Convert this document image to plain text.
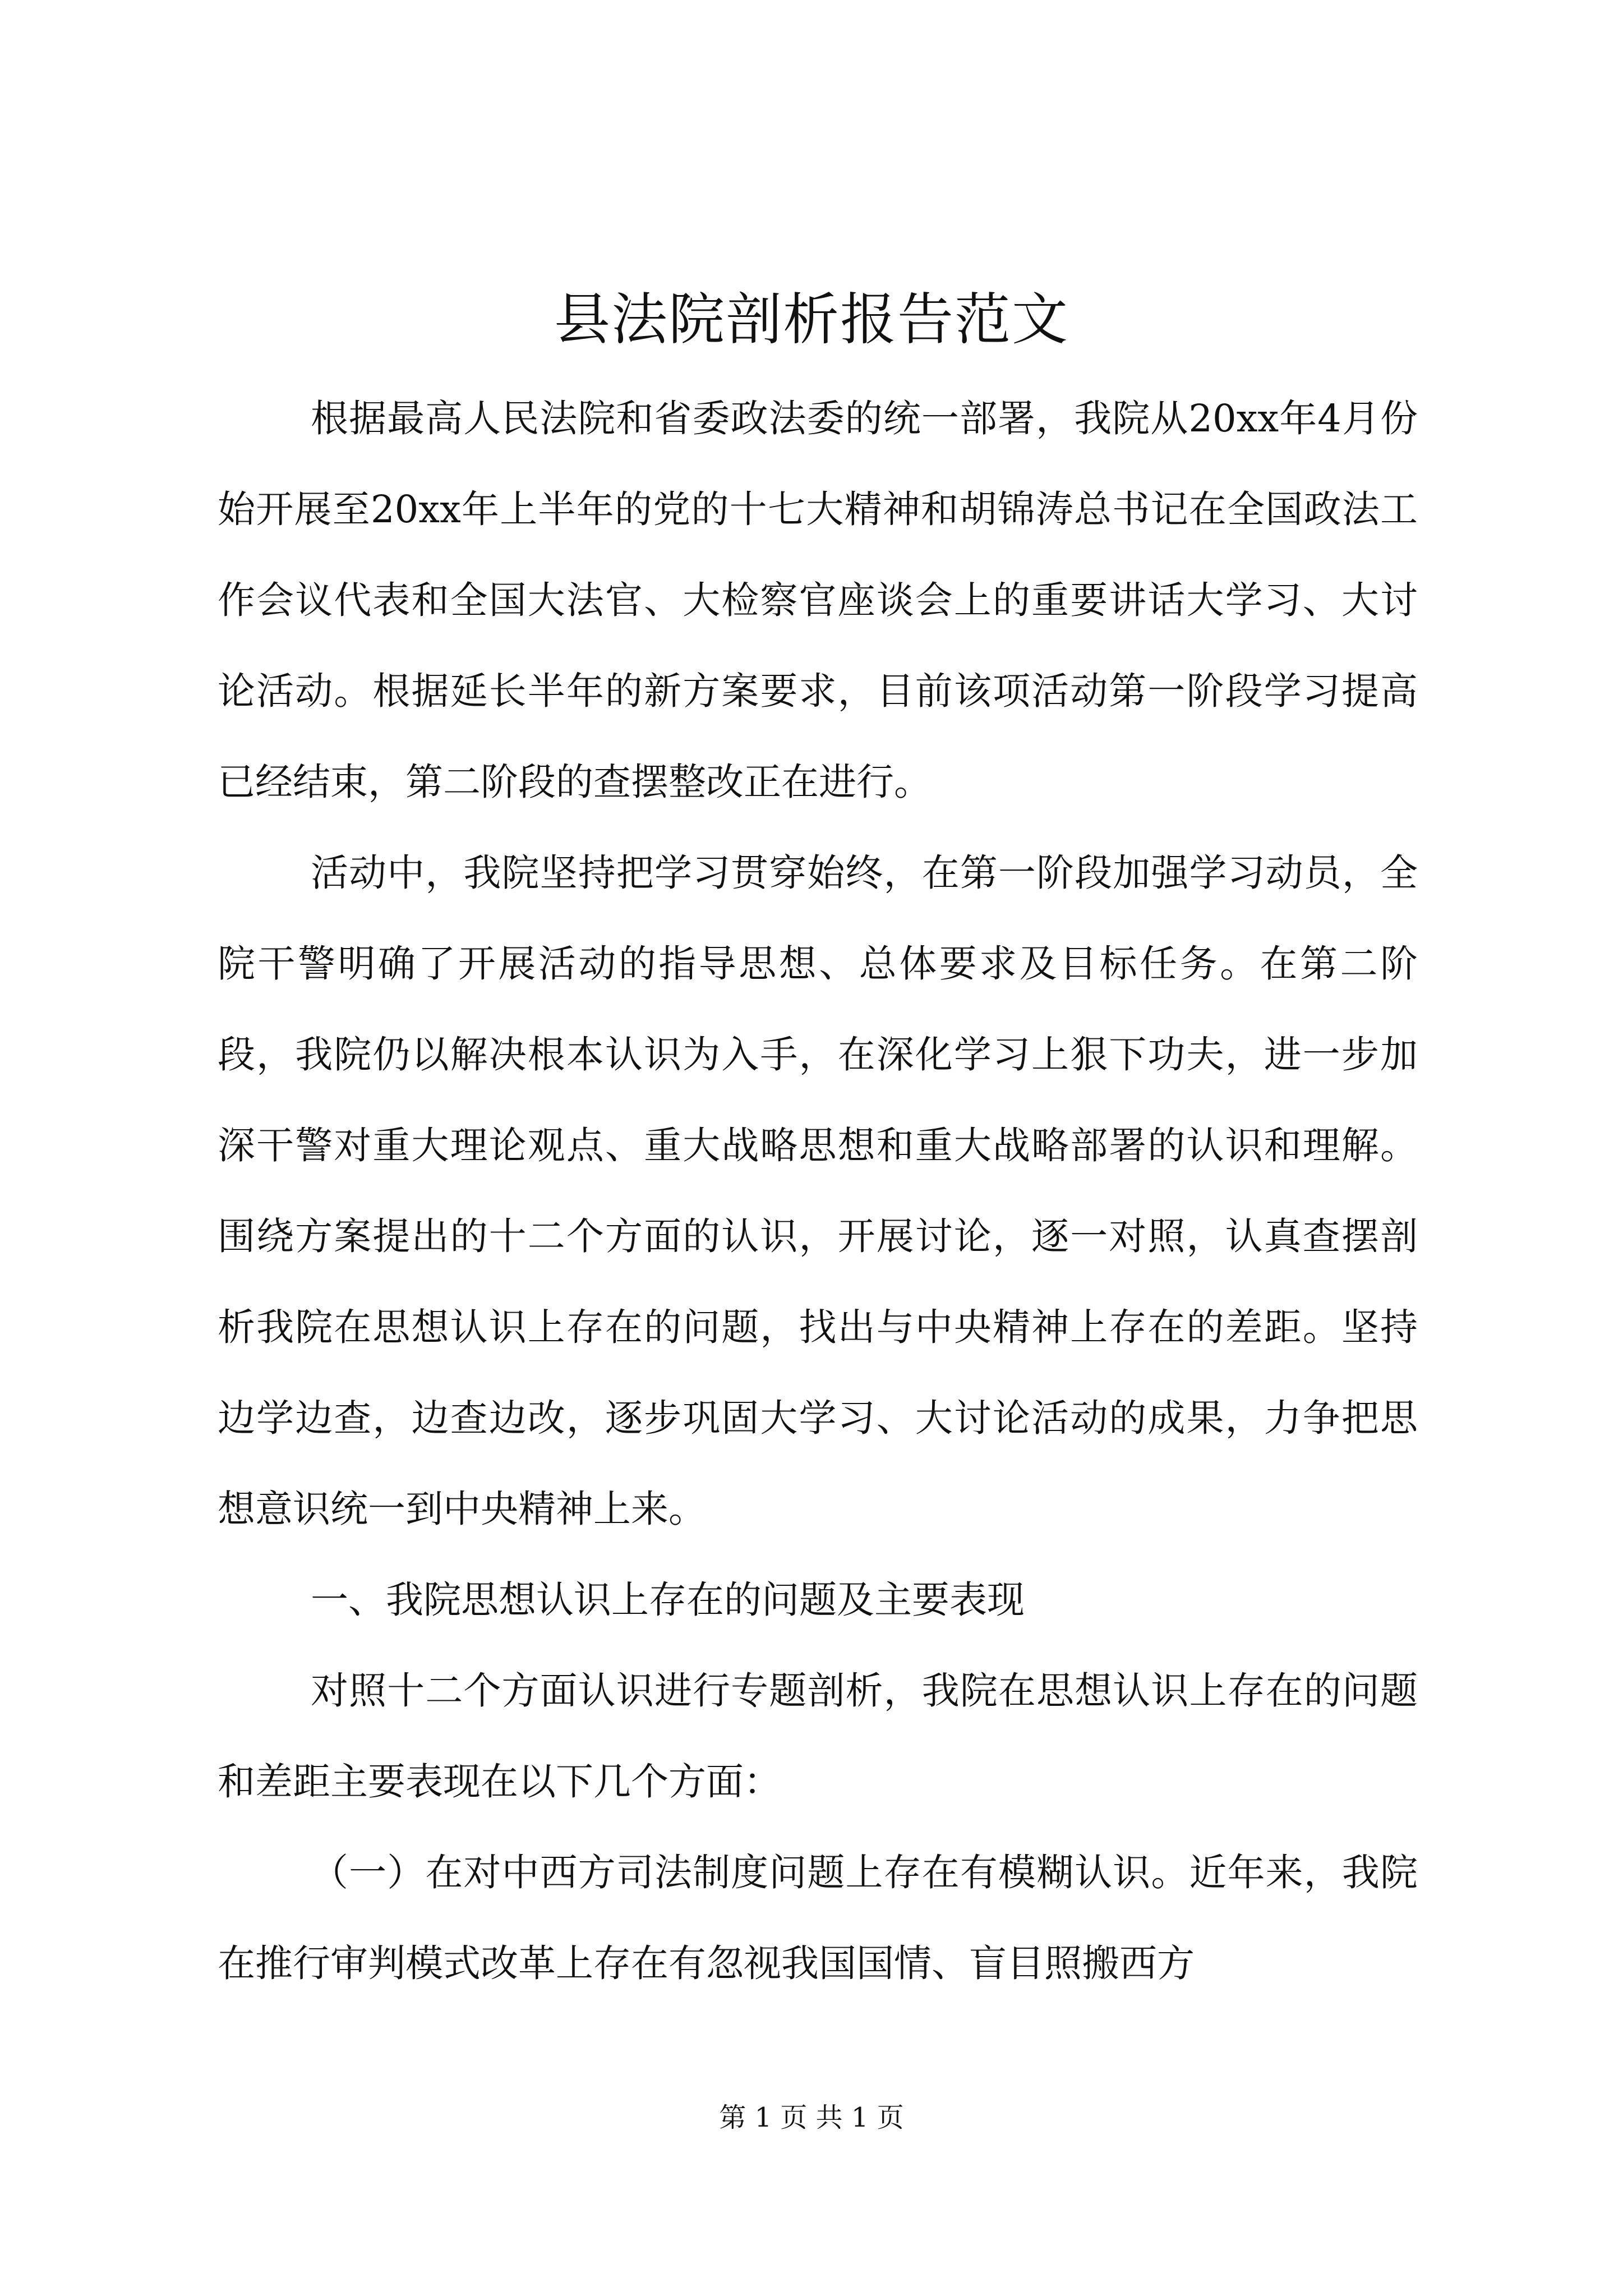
县法院剖析报告范文

根据最高人民法院和省委政法委的统一部署，我院从20xx年4月份始开展至20xx年上半年的党的十七大精神和胡锦涛总书记在全国政法工作会议代表和全国大法官、大检察官座谈会上的重要讲话大学习、大讨论活动。根据延长半年的新方案要求，目前该项活动第一阶段学习提高已经结束，第二阶段的查摆整改正在进行。

活动中，我院坚持把学习贯穿始终，在第一阶段加强学习动员，全院干警明确了开展活动的指导思想、总体要求及目标任务。在第二阶段，我院仍以解决根本认识为入手，在深化学习上狠下功夫，进一步加深干警对重大理论观点、重大战略思想和重大战略部署的认识和理解。围绕方案提出的十二个方面的认识，开展讨论，逐一对照，认真查摆剖析我院在思想认识上存在的问题，找出与中央精神上存在的差距。坚持边学边查，边查边改，逐步巩固大学习、大讨论活动的成果，力争把思想意识统一到中央精神上来。

一、我院思想认识上存在的问题及主要表现

对照十二个方面认识进行专题剖析，我院在思想认识上存在的问题和差距主要表现在以下几个方面：

（一）在对中西方司法制度问题上存在有模糊认识。近年来，我院在推行审判模式改革上存在有忽视我国国情、盲目照搬西方

第 1 页 共 1 页
